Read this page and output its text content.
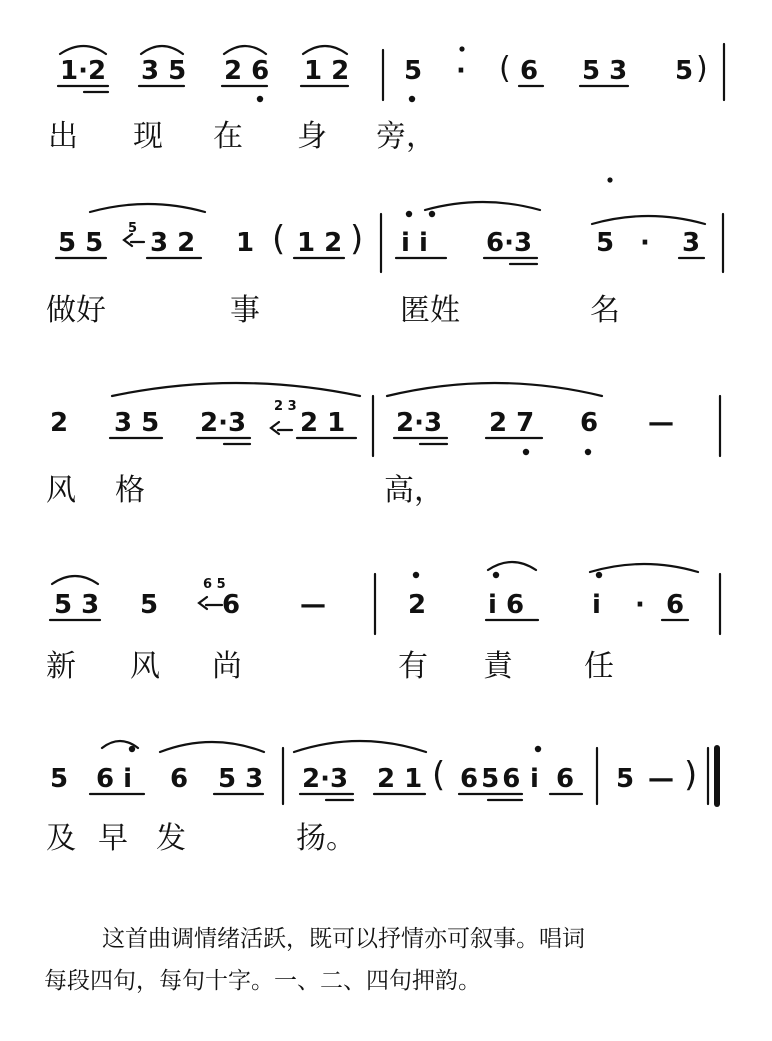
1·2 3 5 2 6 1 2 5 · ( 6 5 3 5 )
出 现 在 身 旁，
5 5 5 3 2 1 ( 1 2 ) i i 6·3 5 · 3
做好	事	匿姓	名
2 3 5 2·3
2 3
2 1 2·3 2 7 6 —
风 格	高，
5 3 5
6 5
6 —	2 i 6	i · 6
新 风 尚	有 責 任
5 6 i 6 5 3 2·3 2 1 ( 6 5 6 i 6 5 — )
及 早 发	扬。

这首曲调情绪活跃，既可以抒情亦可叙事。唱词

每段四句，每句十字。一、二、四句押韵。
